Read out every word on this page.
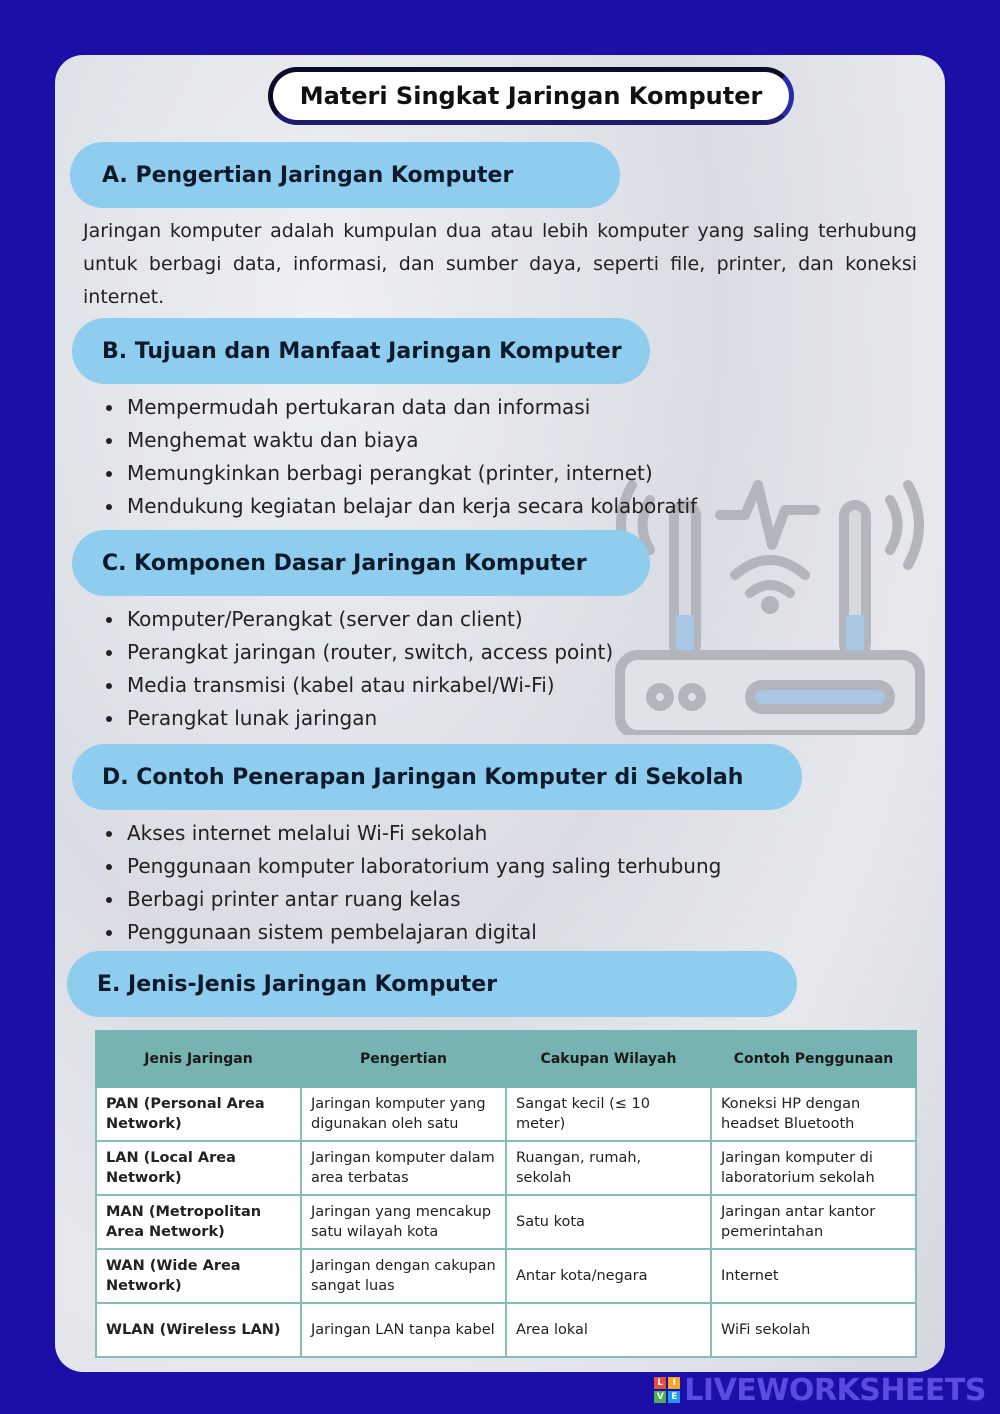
Materi Singkat Jaringan Komputer
A. Pengertian Jaringan Komputer
Jaringan komputer adalah kumpulan dua atau lebih komputer yang saling terhubung untuk berbagi data, informasi, dan sumber daya, seperti file, printer, dan koneksi internet.
B. Tujuan dan Manfaat Jaringan Komputer
• Mempermudah pertukaran data dan informasi
• Menghemat waktu dan biaya
• Memungkinkan berbagi perangkat (printer, internet)
• Mendukung kegiatan belajar dan kerja secara kolaboratif
C. Komponen Dasar Jaringan Komputer
• Komputer/Perangkat (server dan client)
• Perangkat jaringan (router, switch, access point)
• Media transmisi (kabel atau nirkabel/Wi-Fi)
• Perangkat lunak jaringan
D. Contoh Penerapan Jaringan Komputer di Sekolah
• Akses internet melalui Wi-Fi sekolah
• Penggunaan komputer laboratorium yang saling terhubung
• Berbagi printer antar ruang kelas
• Penggunaan sistem pembelajaran digital
E. Jenis-Jenis Jaringan Komputer
Jenis Jaringan	Pengertian	Cakupan Wilayah	Contoh Penggunaan
PAN (Personal Area Network)	Jaringan komputer yang digunakan oleh satu	Sangat kecil (≤ 10 meter)	Koneksi HP dengan headset Bluetooth
LAN (Local Area Network)	Jaringan komputer dalam area terbatas	Ruangan, rumah, sekolah	Jaringan komputer di laboratorium sekolah
MAN (Metropolitan Area Network)	Jaringan yang mencakup satu wilayah kota	Satu kota	Jaringan antar kantor pemerintahan
WAN (Wide Area Network)	Jaringan dengan cakupan sangat luas	Antar kota/negara	Internet
WLAN (Wireless LAN)	Jaringan LAN tanpa kabel	Area lokal	WiFi sekolah
L	I
V E LIVEWORKSHEETS
